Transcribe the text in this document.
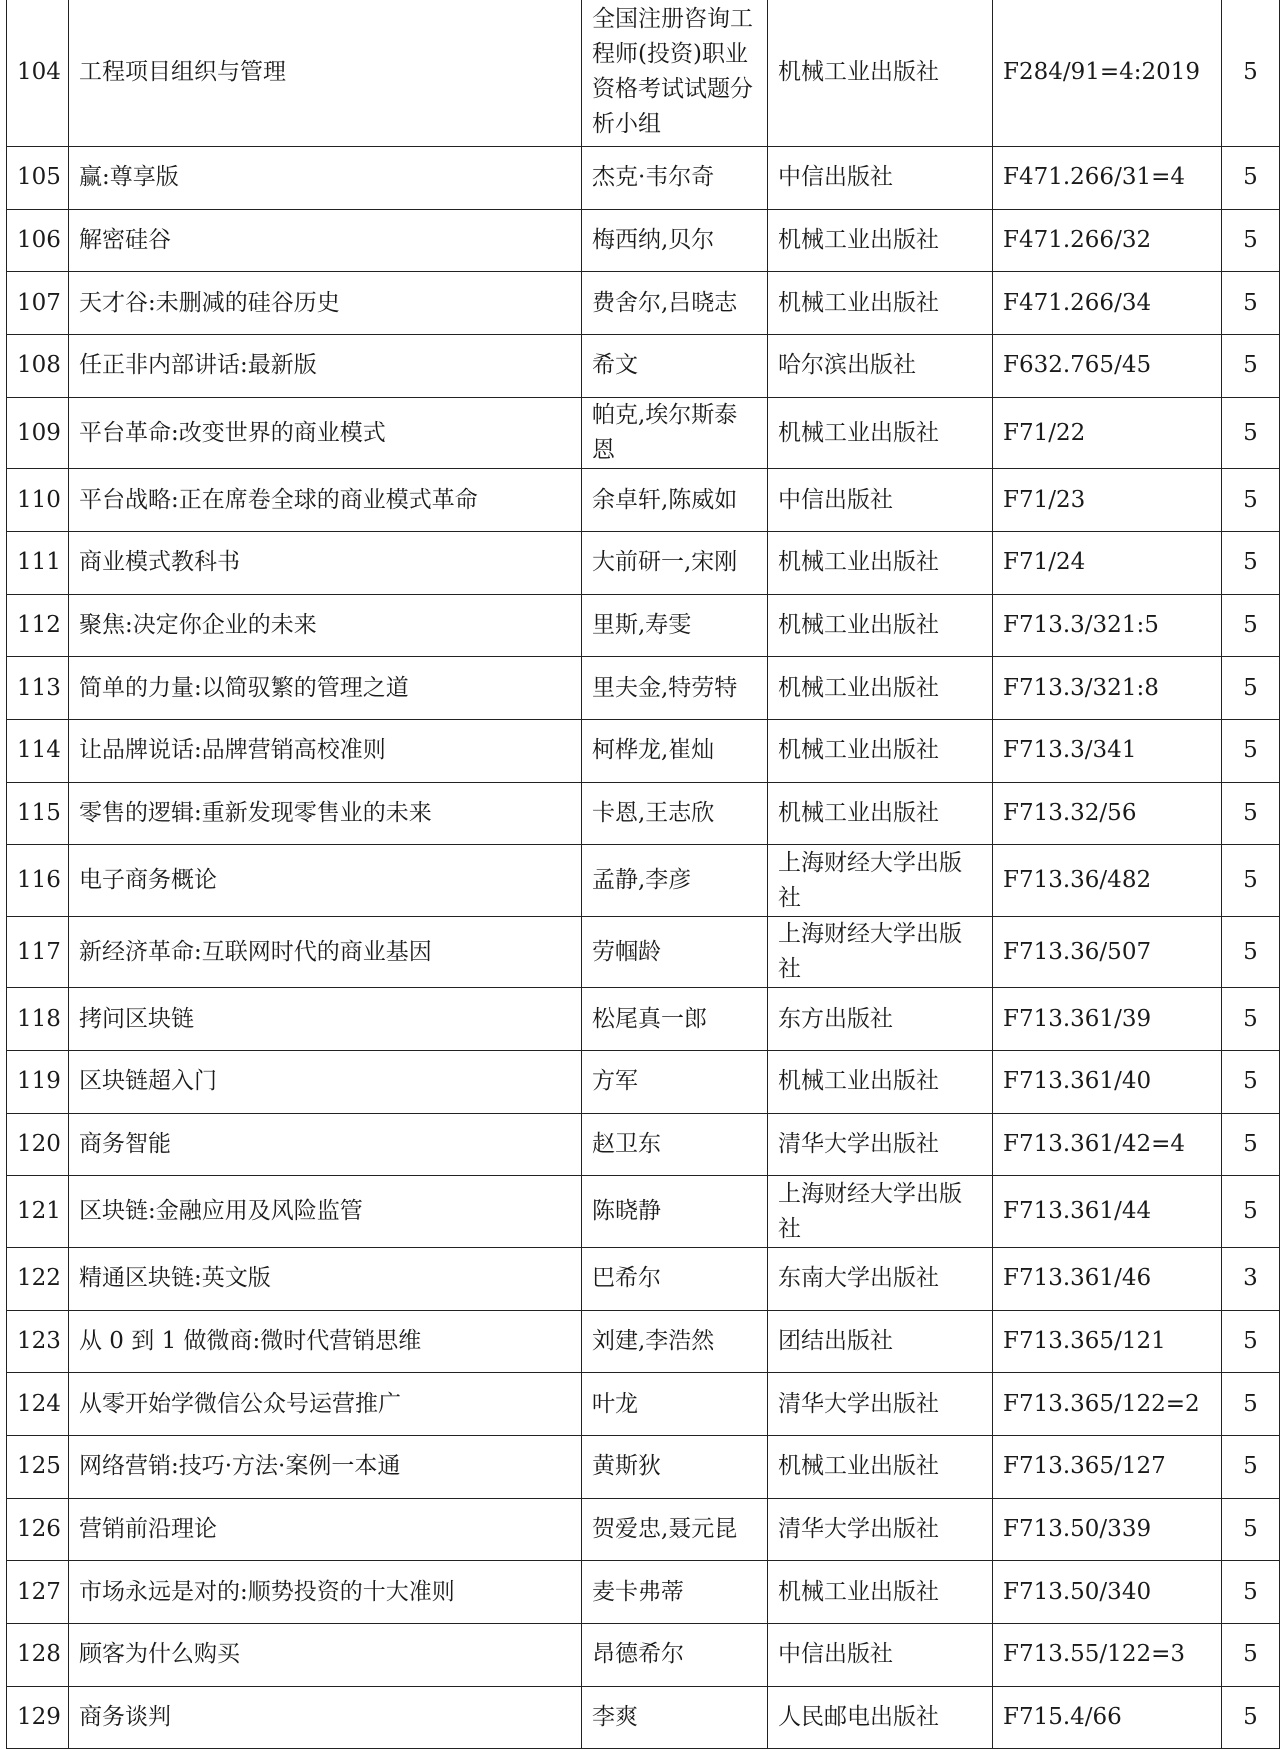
104	工程项目组织与管理	全国注册咨询工程师(投资)职业资格考试试题分析小组	机械工业出版社	F284/91=4:2019	5
105	赢:尊享版	杰克·韦尔奇	中信出版社	F471.266/31=4	5
106	解密硅谷	梅西纳,贝尔	机械工业出版社	F471.266/32	5
107	天才谷:未删减的硅谷历史	费舍尔,吕晓志	机械工业出版社	F471.266/34	5
108	任正非内部讲话:最新版	希文	哈尔滨出版社	F632.765/45	5
109	平台革命:改变世界的商业模式	帕克,埃尔斯泰恩	机械工业出版社	F71/22	5
110	平台战略:正在席卷全球的商业模式革命	余卓轩,陈威如	中信出版社	F71/23	5
111	商业模式教科书	大前研一,宋刚	机械工业出版社	F71/24	5
112	聚焦:决定你企业的未来	里斯,寿雯	机械工业出版社	F713.3/321:5	5
113	简单的力量:以简驭繁的管理之道	里夫金,特劳特	机械工业出版社	F713.3/321:8	5
114	让品牌说话:品牌营销高校准则	柯桦龙,崔灿	机械工业出版社	F713.3/341	5
115	零售的逻辑:重新发现零售业的未来	卡恩,王志欣	机械工业出版社	F713.32/56	5
116	电子商务概论	孟静,李彦	上海财经大学出版社	F713.36/482	5
117	新经济革命:互联网时代的商业基因	劳帼龄	上海财经大学出版社	F713.36/507	5
118	拷问区块链	松尾真一郎	东方出版社	F713.361/39	5
119	区块链超入门	方军	机械工业出版社	F713.361/40	5
120	商务智能	赵卫东	清华大学出版社	F713.361/42=4	5
121	区块链:金融应用及风险监管	陈晓静	上海财经大学出版社	F713.361/44	5
122	精通区块链:英文版	巴希尔	东南大学出版社	F713.361/46	3
123	从 0 到 1 做微商:微时代营销思维	刘建,李浩然	团结出版社	F713.365/121	5
124	从零开始学微信公众号运营推广	叶龙	清华大学出版社	F713.365/122=2	5
125	网络营销:技巧·方法·案例一本通	黄斯狄	机械工业出版社	F713.365/127	5
126	营销前沿理论	贺爱忠,聂元昆	清华大学出版社	F713.50/339	5
127	市场永远是对的:顺势投资的十大准则	麦卡弗蒂	机械工业出版社	F713.50/340	5
128	顾客为什么购买	昂德希尔	中信出版社	F713.55/122=3	5
129	商务谈判	李爽	人民邮电出版社	F715.4/66	5
